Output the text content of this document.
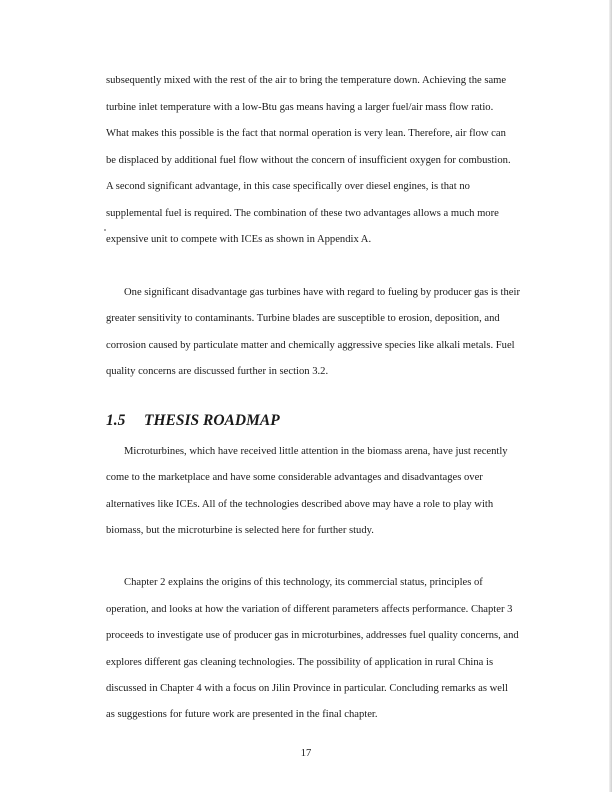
subsequently mixed with the rest of the air to bring the temperature down. Achieving the same
turbine inlet temperature with a low-Btu gas means having a larger fuel/air mass flow ratio.
What makes this possible is the fact that normal operation is very lean. Therefore, air flow can
be displaced by additional fuel flow without the concern of insufficient oxygen for combustion.
A second significant advantage, in this case specifically over diesel engines, is that no
supplemental fuel is required. The combination of these two advantages allows a much more
expensive unit to compete with ICEs as shown in Appendix A.
One significant disadvantage gas turbines have with regard to fueling by producer gas is their
greater sensitivity to contaminants. Turbine blades are susceptible to erosion, deposition, and
corrosion caused by particulate matter and chemically aggressive species like alkali metals. Fuel
quality concerns are discussed further in section 3.2.
1.5 THESIS ROADMAP
Microturbines, which have received little attention in the biomass arena, have just recently
come to the marketplace and have some considerable advantages and disadvantages over
alternatives like ICEs. All of the technologies described above may have a role to play with
biomass, but the microturbine is selected here for further study.
Chapter 2 explains the origins of this technology, its commercial status, principles of
operation, and looks at how the variation of different parameters affects performance. Chapter 3
proceeds to investigate use of producer gas in microturbines, addresses fuel quality concerns, and
explores different gas cleaning technologies. The possibility of application in rural China is
discussed in Chapter 4 with a focus on Jilin Province in particular. Concluding remarks as well
as suggestions for future work are presented in the final chapter.
17
